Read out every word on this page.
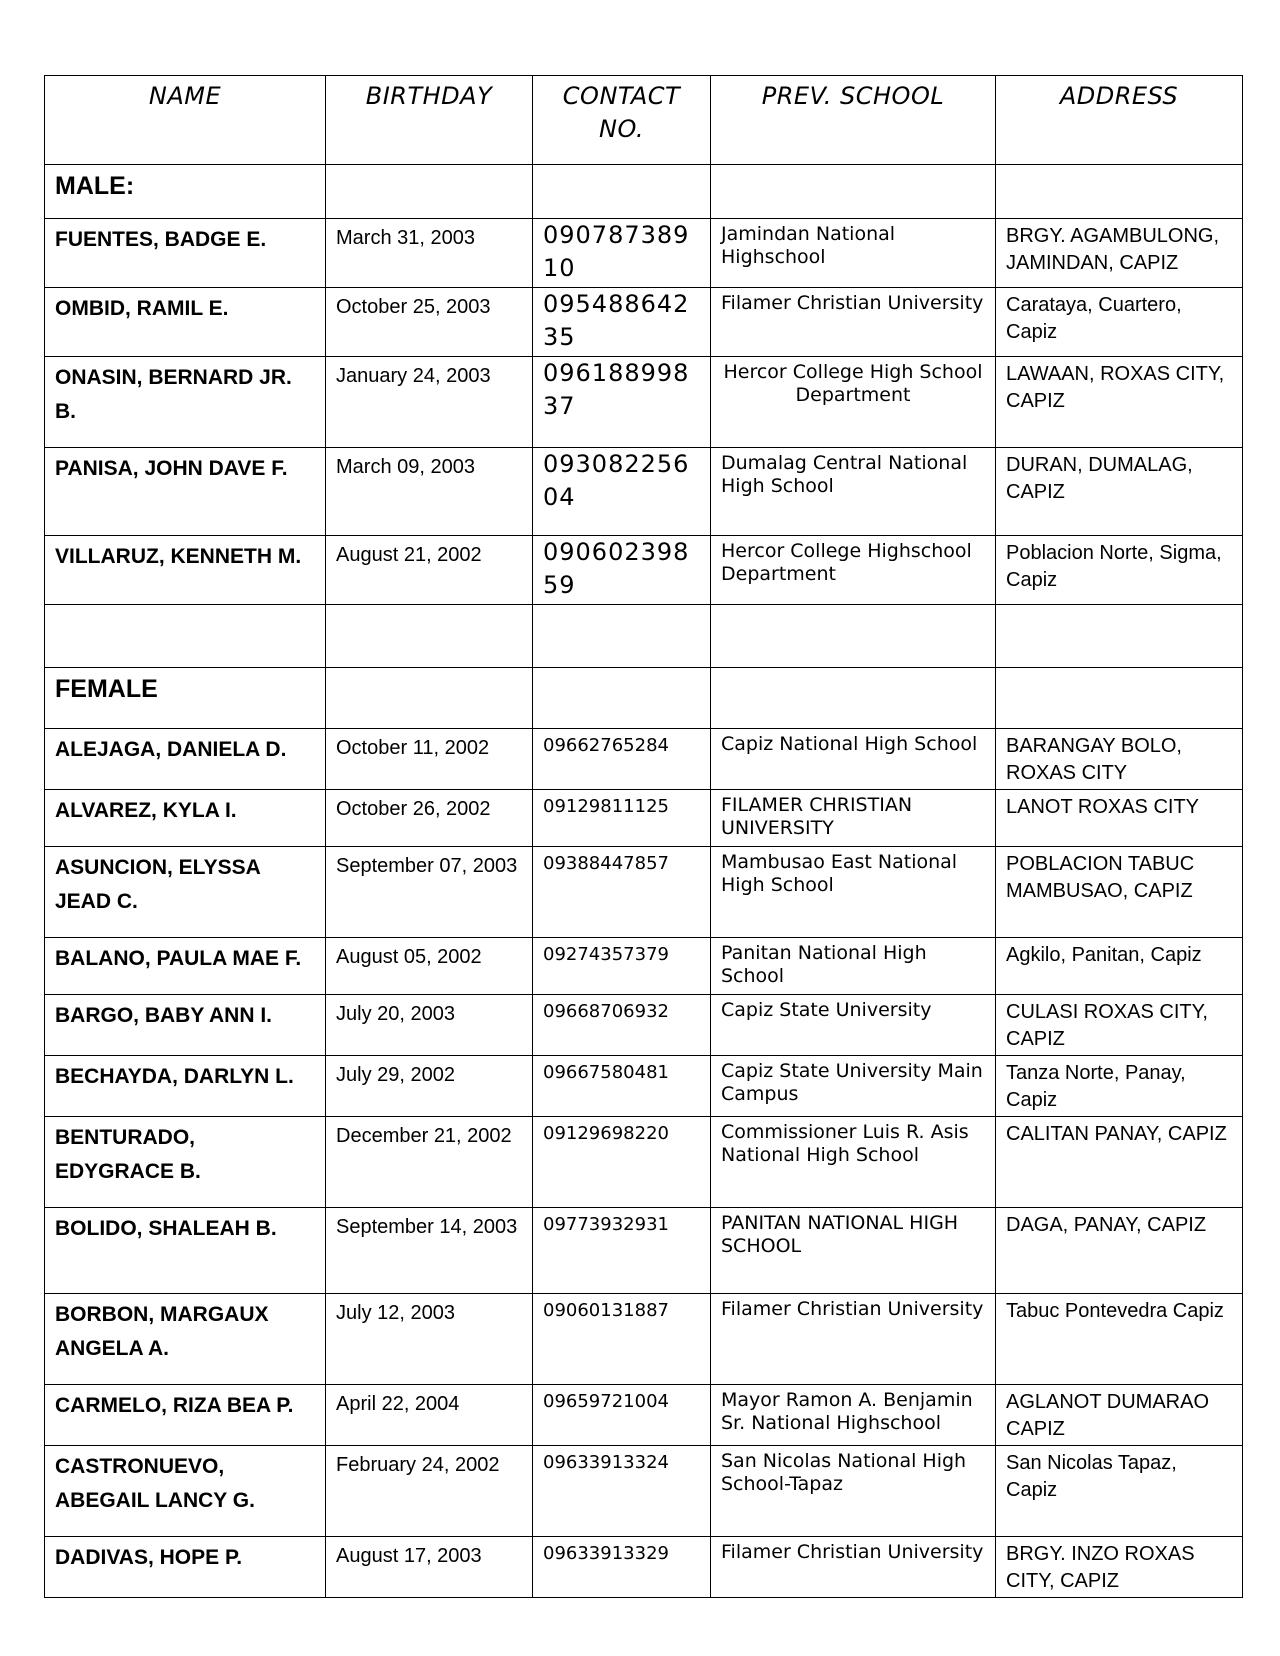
NAME	BIRTHDAY	CONTACT NO.	PREV. SCHOOL	ADDRESS
MALE:				
FUENTES, BADGE E.	March 31, 2003	09078738910	Jamindan National Highschool	BRGY. AGAMBULONG, JAMINDAN, CAPIZ
OMBID, RAMIL E.	October 25, 2003	09548864235	Filamer Christian University	Carataya, Cuartero, Capiz
ONASIN, BERNARD JR. B.	January 24, 2003	09618899837	Hercor College High School Department	LAWAAN, ROXAS CITY, CAPIZ
PANISA, JOHN DAVE F.	March 09, 2003	09308225604	Dumalag Central National High School	DURAN, DUMALAG, CAPIZ
VILLARUZ, KENNETH M.	August 21, 2002	09060239859	Hercor College Highschool Department	Poblacion Norte, Sigma, Capiz

FEMALE				
ALEJAGA, DANIELA D.	October 11, 2002	09662765284	Capiz National High School	BARANGAY BOLO, ROXAS CITY
ALVAREZ, KYLA I.	October 26, 2002	09129811125	FILAMER CHRISTIAN UNIVERSITY	LANOT ROXAS CITY
ASUNCION, ELYSSA JEAD C.	September 07, 2003	09388447857	Mambusao East National High School	POBLACION TABUC MAMBUSAO, CAPIZ
BALANO, PAULA MAE F.	August 05, 2002	09274357379	Panitan National High School	Agkilo, Panitan, Capiz
BARGO, BABY ANN I.	July 20, 2003	09668706932	Capiz State University	CULASI ROXAS CITY, CAPIZ
BECHAYDA, DARLYN L.	July 29, 2002	09667580481	Capiz State University Main Campus	Tanza Norte, Panay, Capiz
BENTURADO, EDYGRACE B.	December 21, 2002	09129698220	Commissioner Luis R. Asis National High School	CALITAN PANAY, CAPIZ
BOLIDO, SHALEAH B.	September 14, 2003	09773932931	PANITAN NATIONAL HIGH SCHOOL	DAGA, PANAY, CAPIZ
BORBON, MARGAUX ANGELA A.	July 12, 2003	09060131887	Filamer Christian University	Tabuc Pontevedra Capiz
CARMELO, RIZA BEA P.	April 22, 2004	09659721004	Mayor Ramon A. Benjamin Sr. National Highschool	AGLANOT DUMARAO CAPIZ
CASTRONUEVO, ABEGAIL LANCY G.	February 24, 2002	09633913324	San Nicolas National High School-Tapaz	San Nicolas Tapaz, Capiz
DADIVAS, HOPE P.	August 17, 2003	09633913329	Filamer Christian University	BRGY. INZO ROXAS CITY, CAPIZ
